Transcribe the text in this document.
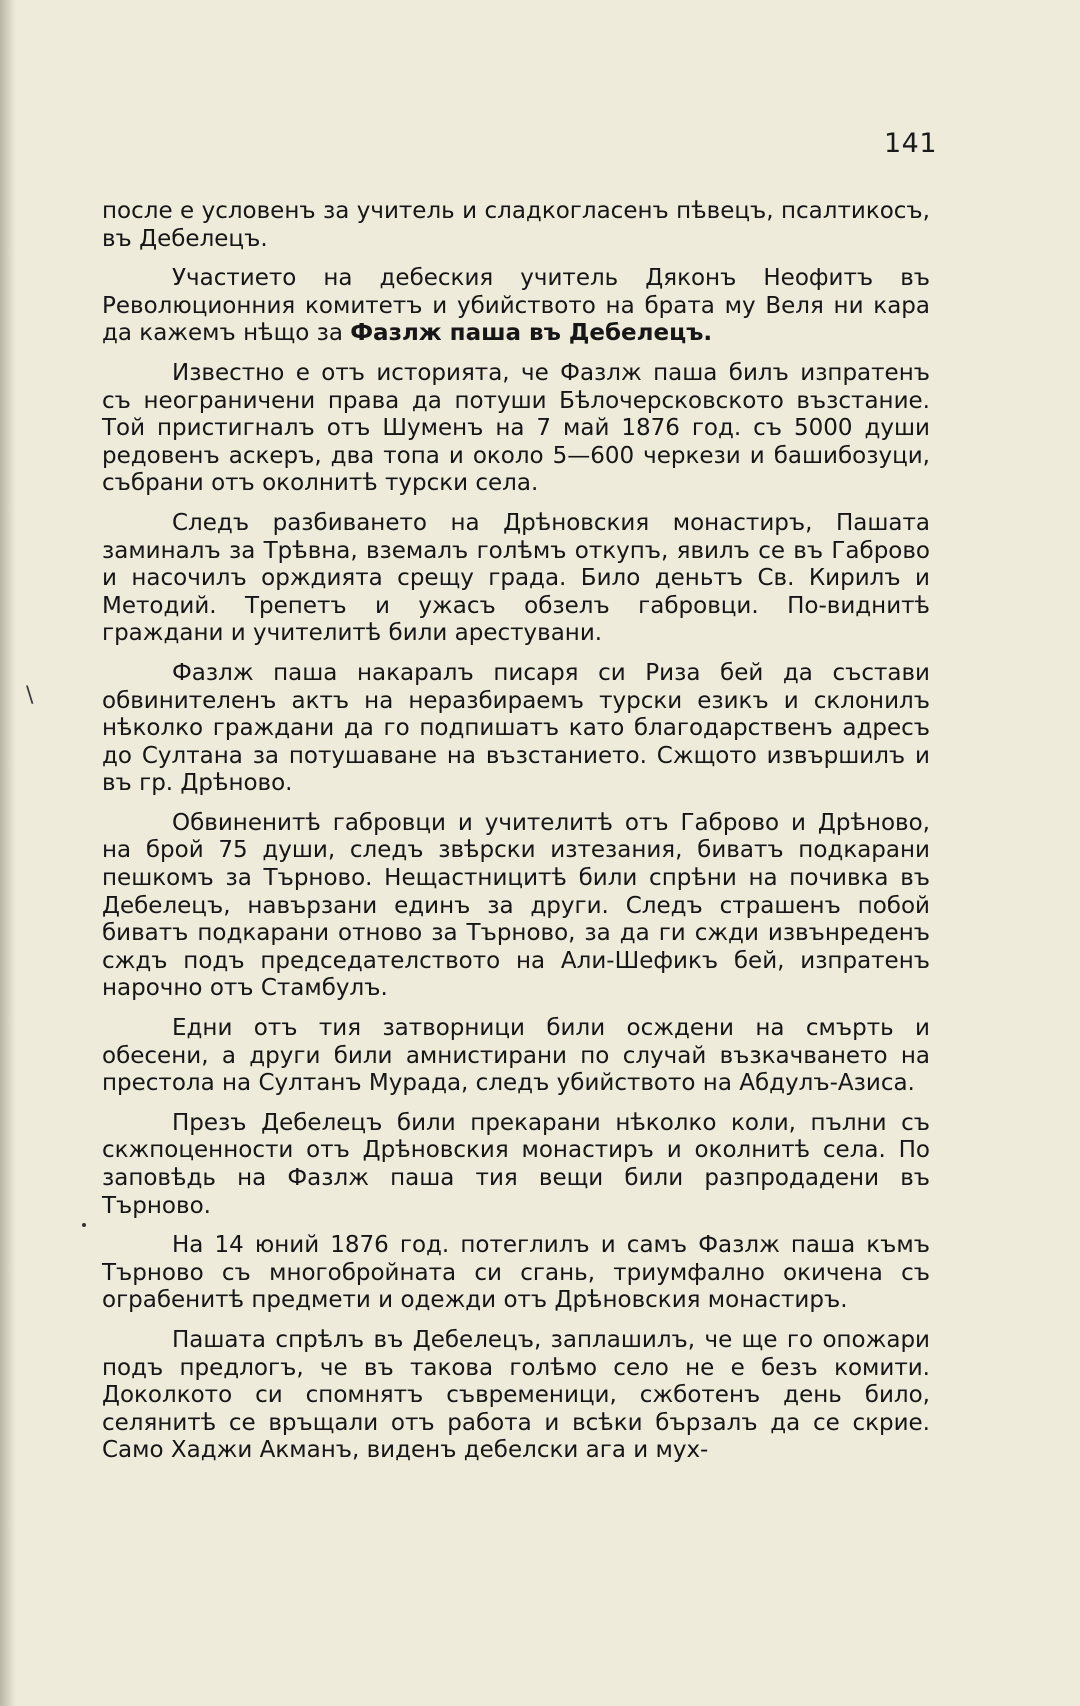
141
\

после е условенъ за учитель и сладкогласенъ пѣвецъ, псалтикосъ, въ Дебелецъ.

Участието на дебеския учитель Дяконъ Неофитъ въ Революционния комитетъ и убийството на брата му Веля ни кара да кажемъ нѣщо за Фазлж паша въ Дебелецъ.

Известно е отъ историята, че Фазлж паша билъ изпратенъ съ неограничени права да потуши Бѣлочерсковското възстание. Той пристигналъ отъ Шуменъ на 7 май 1876 год. съ 5000 души редовенъ аскеръ, два топа и около 5—600 черкези и башибозуци, събрани отъ околнитѣ турски села.

Следъ разбиването на Дрѣновския монастиръ, Пашата заминалъ за Трѣвна, вземалъ голѣмъ откупъ, явилъ се въ Габрово и насочилъ орждията срещу града. Било деньтъ Св. Кирилъ и Методий. Трепетъ и ужасъ обзелъ габровци. По-виднитѣ граждани и учителитѣ били арестувани.

Фазлж паша накаралъ писаря си Риза бей да състави обвинителенъ актъ на неразбираемъ турски езикъ и склонилъ нѣколко граждани да го подпишатъ като благодарственъ адресъ до Султана за потушаване на възстанието. Сжщото извършилъ и въ гр. Дрѣново.

Обвиненитѣ габровци и учителитѣ отъ Габрово и Дрѣново, на брой 75 души, следъ звѣрски изтезания, биватъ подкарани пешкомъ за Търново. Нещастницитѣ били спрѣни на почивка въ Дебелецъ, навързани единъ за други. Следъ страшенъ побой биватъ подкарани отново за Търново, за да ги сжди извънреденъ сждъ подъ председателството на Али-Шефикъ бей, изпратенъ нарочно отъ Стамбулъ.

Едни отъ тия затворници били осждени на смърть и обесени, а други били амнистирани по случай възкачването на престола на Султанъ Мурада, следъ убийството на Абдулъ-Азиса.

Презъ Дебелецъ били прекарани нѣколко коли, пълни съ скжпоценности отъ Дрѣновския монастиръ и околнитѣ села. По заповѣдь на Фазлж паша тия вещи били разпродадени въ Търново.

На 14 юний 1876 год. потеглилъ и самъ Фазлж паша къмъ Търново съ многобройната си сгань, триумфално окичена съ ограбенитѣ предмети и одежди отъ Дрѣновския монастиръ.

Пашата спрѣлъ въ Дебелецъ, заплашилъ, че ще го опожари подъ предлогъ, че въ такова голѣмо село не е безъ комити. Доколкото си спомнятъ съвременици, сжботенъ день било, селянитѣ се връщали отъ работа и всѣки бързалъ да се скрие. Само Хаджи Акманъ, виденъ дебелски ага и мух-
